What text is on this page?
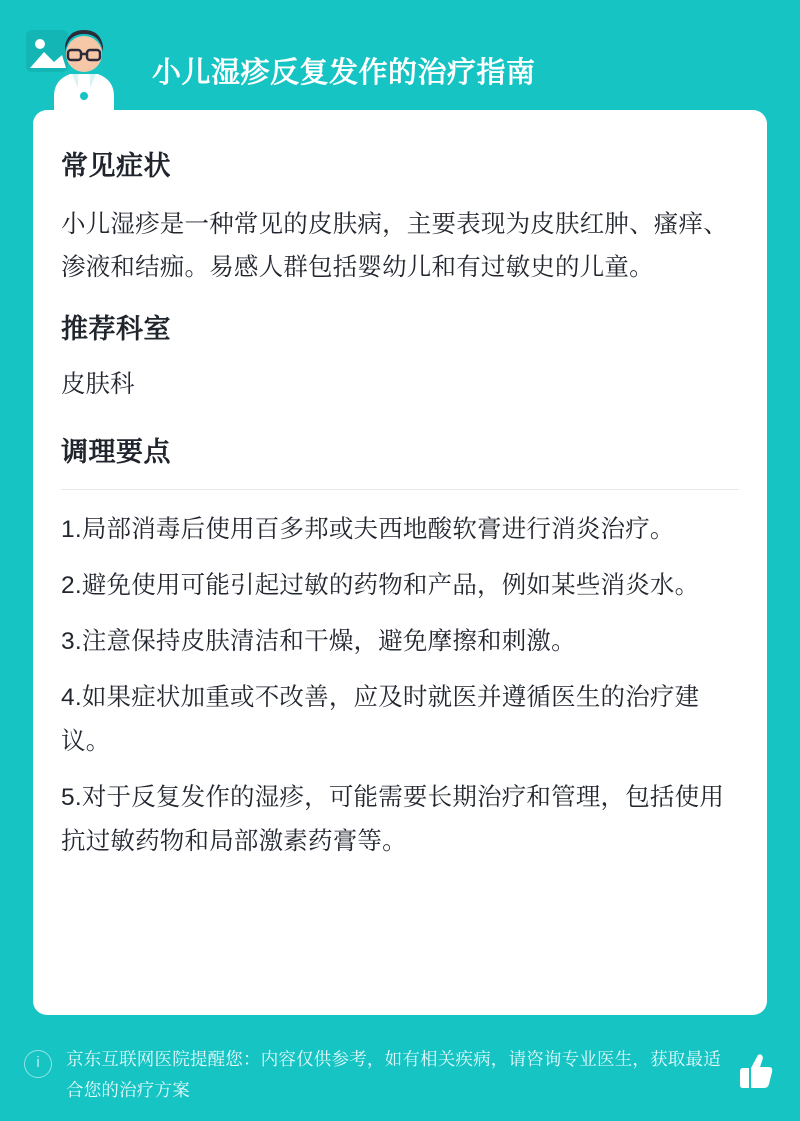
小儿湿疹反复发作的治疗指南
常见症状

小儿湿疹是一种常见的皮肤病，主要表现为皮肤红肿、瘙痒、渗液和结痂。易感人群包括婴幼儿和有过敏史的儿童。

推荐科室

皮肤科

调理要点
1.局部消毒后使用百多邦或夫西地酸软膏进行消炎治疗。
2.避免使用可能引起过敏的药物和产品，例如某些消炎水。
3.注意保持皮肤清洁和干燥，避免摩擦和刺激。
4.如果症状加重或不改善，应及时就医并遵循医生的治疗建议。
5.对于反复发作的湿疹，可能需要长期治疗和管理，包括使用抗过敏药物和局部激素药膏等。
i	京东互联网医院提醒您：内容仅供参考，如有相关疾病，请咨询专业医生，获取最适合您的治疗方案
